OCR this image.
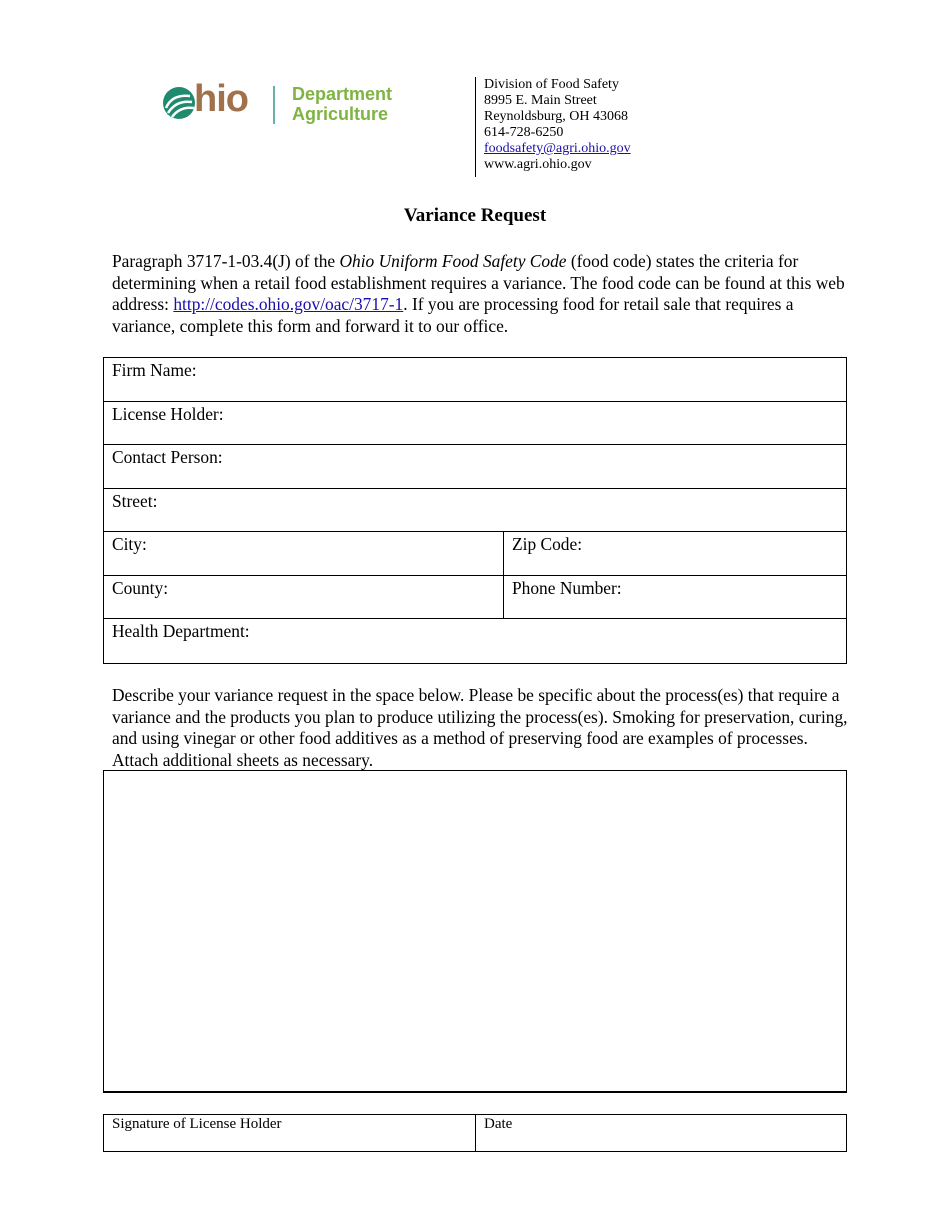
hio Department
Agriculture
Division of Food Safety
8995 E. Main Street
Reynoldsburg, OH 43068
614-728-6250
foodsafety@agri.ohio.gov
www.agri.ohio.gov
Variance Request
Paragraph 3717-1-03.4(J) of the Ohio Uniform Food Safety Code (food code) states the criteria for determining when a retail food establishment requires a variance. The food code can be found at this web address: http://codes.ohio.gov/oac/3717-1. If you are processing food for retail sale that requires a variance, complete this form and forward it to our office.
Firm Name:
License Holder:
Contact Person:
Street:
City:	Zip Code:
County:	Phone Number:
Health Department:
Describe your variance request in the space below. Please be specific about the process(es) that require a variance and the products you plan to produce utilizing the process(es). Smoking for preservation, curing, and using vinegar or other food additives as a method of preserving food are examples of processes. Attach additional sheets as necessary.
Signature of License Holder	Date
